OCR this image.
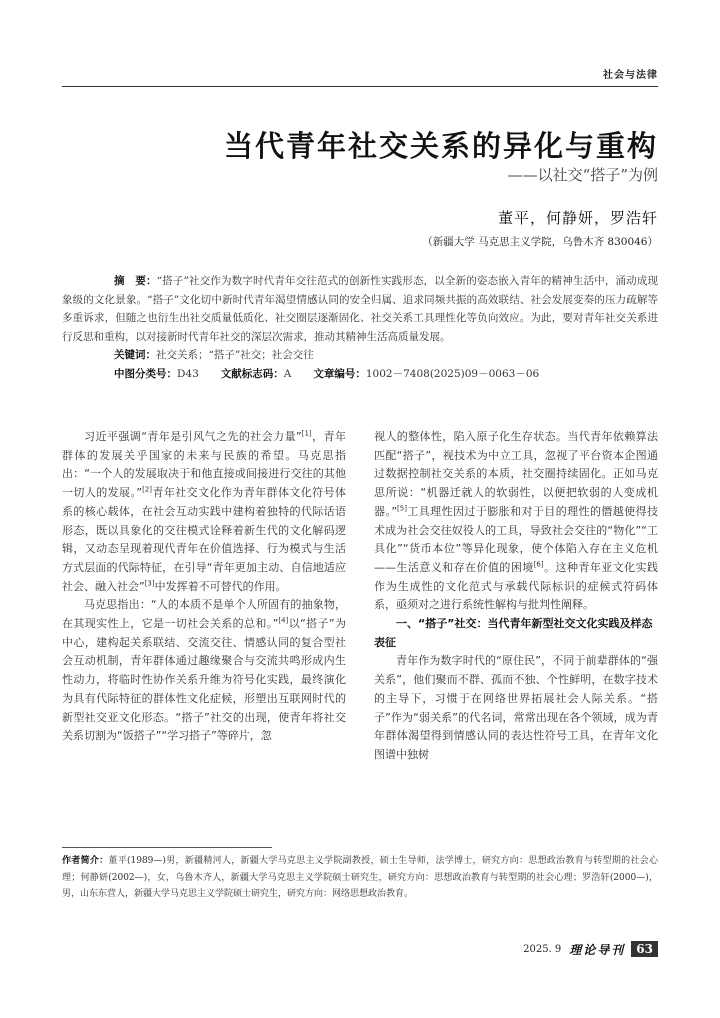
社会与法律
当代青年社交关系的异化与重构
——以社交“搭子”为例
董平，何静妍，罗浩轩
（新疆大学 马克思主义学院，乌鲁木齐 830046）

摘　要：“搭子”社交作为数字时代青年交往范式的创新性实践形态，以全新的姿态嵌入青年的精神生活中，涌动成现象级的文化景象。“搭子”文化切中新时代青年渴望情感认同的安全归属、追求同频共振的高效联结、社会发展变奏的压力疏解等多重诉求，但随之也衍生出社交质量低质化、社交圈层逐渐固化、社交关系工具理性化等负向效应。为此，要对青年社交关系进行反思和重构，以对接新时代青年社交的深层次需求，推动其精神生活高质量发展。

关键词：社交关系；“搭子”社交；社会交往
中图分类号：D43 文献标志码：A 文章编号：1002－7408(2025)09－0063－06

习近平强调“青年是引风气之先的社会力量”[1]，青年群体的发展关乎国家的未来与民族的希望。马克思指出：“一个人的发展取决于和他直接或间接进行交往的其他一切人的发展。”[2]青年社交文化作为青年群体文化符号体系的核心载体，在社会互动实践中建构着独特的代际话语形态，既以具象化的交往模式诠释着新生代的文化解码逻辑，又动态呈现着现代青年在价值选择、行为模式与生活方式层面的代际特征，在引导“青年更加主动、自信地适应社会、融入社会”[3]中发挥着不可替代的作用。

马克思指出：“人的本质不是单个人所固有的抽象物，在其现实性上，它是一切社会关系的总和。”[4]以“搭子”为中心，建构起关系联结、交流交往、情感认同的复合型社会互动机制，青年群体通过趣缘聚合与交流共鸣形成内生性动力，将临时性协作关系升维为符号化实践，最终演化为具有代际特征的群体性文化症候，形塑出互联网时代的新型社交亚文化形态。“搭子”社交的出现，使青年将社交关系切割为“饭搭子”“学习搭子”等碎片，忽

视人的整体性，陷入原子化生存状态。当代青年依赖算法匹配“搭子”，视技术为中立工具，忽视了平台资本企图通过数据控制社交关系的本质，社交圈持续固化。正如马克思所说：“机器迁就人的软弱性，以便把软弱的人变成机器。”[5]工具理性因过于膨胀和对于目的理性的僭越使得技术成为社会交往奴役人的工具，导致社会交往的“物化”“工具化”“货币本位”等异化现象，使个体陷入存在主义危机——生活意义和存在价值的困境[6]。这种青年亚文化实践作为生成性的文化范式与承载代际标识的症候式符码体系，亟须对之进行系统性解构与批判性阐释。

一、“搭子”社交：当代青年新型社交文化实践及样态表征

青年作为数字时代的“原住民”，不同于前辈群体的“强关系”，他们聚而不群、孤而不独、个性鲜明，在数字技术的主导下，习惯于在网络世界拓展社会人际关系。“搭子”作为“弱关系”的代名词，常常出现在各个领域，成为青年群体渴望得到情感认同的表达性符号工具，在青年文化图谱中独树

作者简介：董平(1989—)男，新疆精河人，新疆大学马克思主义学院副教授，硕士生导师，法学博士，研究方向：思想政治教育与转型期的社会心理；何静妍(2002—)，女，乌鲁木齐人，新疆大学马克思主义学院硕士研究生，研究方向：思想政治教育与转型期的社会心理；罗浩轩(2000—)，男，山东东营人，新疆大学马克思主义学院硕士研究生，研究方向：网络思想政治教育。
2025. 9 理论导刊 63
